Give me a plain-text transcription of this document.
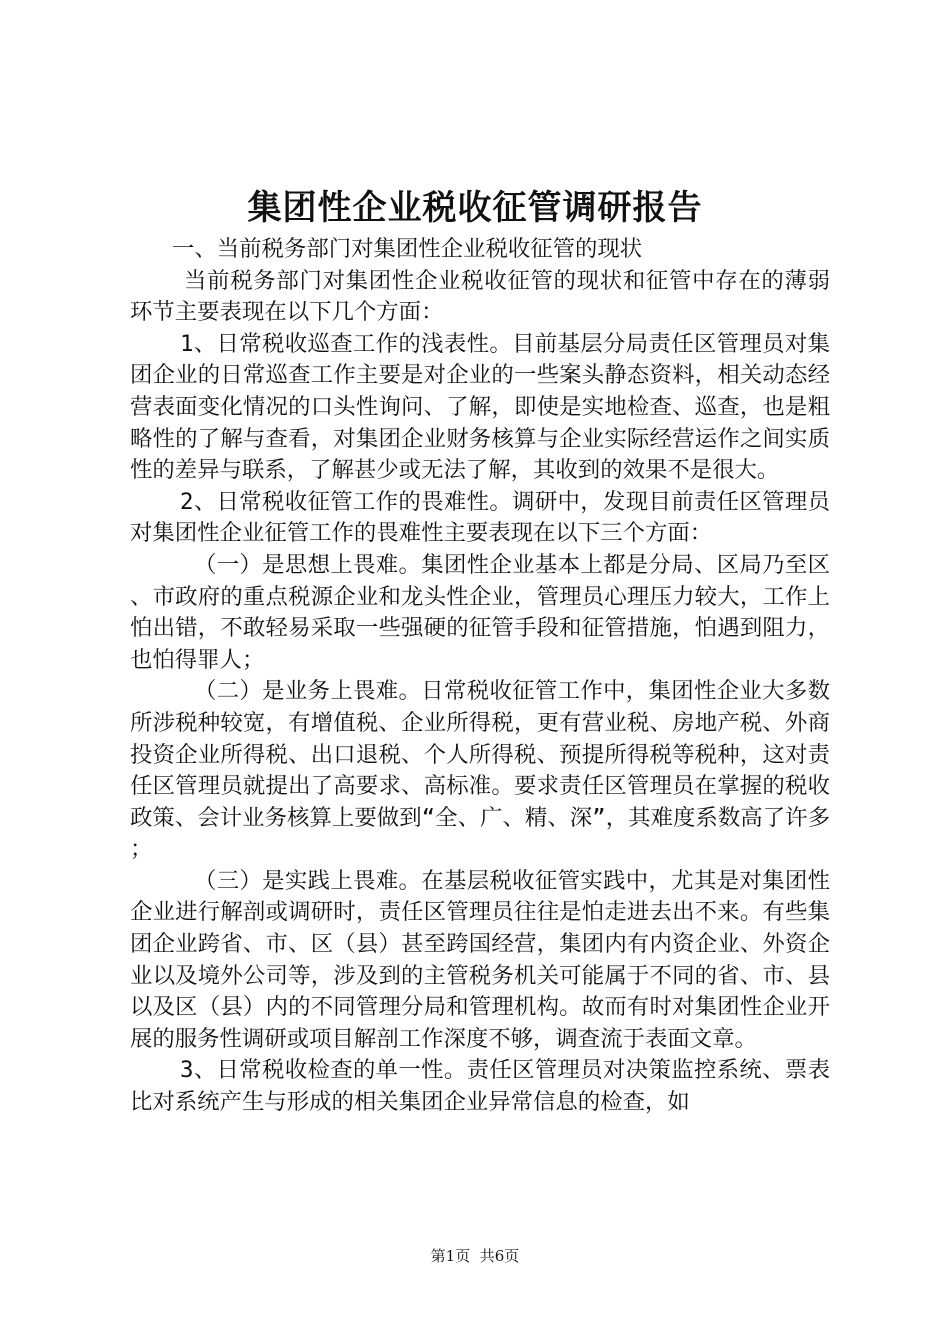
集团性企业税收征管调研报告

一、当前税务部门对集团性企业税收征管的现状

当前税务部门对集团性企业税收征管的现状和征管中存在的薄弱环节主要表现在以下几个方面：

1、日常税收巡查工作的浅表性。目前基层分局责任区管理员对集团企业的日常巡查工作主要是对企业的一些案头静态资料，相关动态经营表面变化情况的口头性询问、了解，即使是实地检查、巡查，也是粗略性的了解与查看，对集团企业财务核算与企业实际经营运作之间实质性的差异与联系，了解甚少或无法了解，其收到的效果不是很大。

2、日常税收征管工作的畏难性。调研中，发现目前责任区管理员对集团性企业征管工作的畏难性主要表现在以下三个方面：

（一）是思想上畏难。集团性企业基本上都是分局、区局乃至区、市政府的重点税源企业和龙头性企业，管理员心理压力较大，工作上怕出错，不敢轻易采取一些强硬的征管手段和征管措施，怕遇到阻力，也怕得罪人；

（二）是业务上畏难。日常税收征管工作中，集团性企业大多数所涉税种较宽，有增值税、企业所得税，更有营业税、房地产税、外商投资企业所得税、出口退税、个人所得税、预提所得税等税种，这对责任区管理员就提出了高要求、高标准。要求责任区管理员在掌握的税收政策、会计业务核算上要做到“全、广、精、深”，其难度系数高了许多；

（三）是实践上畏难。在基层税收征管实践中，尤其是对集团性企业进行解剖或调研时，责任区管理员往往是怕走进去出不来。有些集团企业跨省、市、区（县）甚至跨国经营，集团内有内资企业、外资企业以及境外公司等，涉及到的主管税务机关可能属于不同的省、市、县以及区（县）内的不同管理分局和管理机构。故而有时对集团性企业开展的服务性调研或项目解剖工作深度不够，调查流于表面文章。

3、日常税收检查的单一性。责任区管理员对决策监控系统、票表比对系统产生与形成的相关集团企业异常信息的检查，如

第1页 共6页
